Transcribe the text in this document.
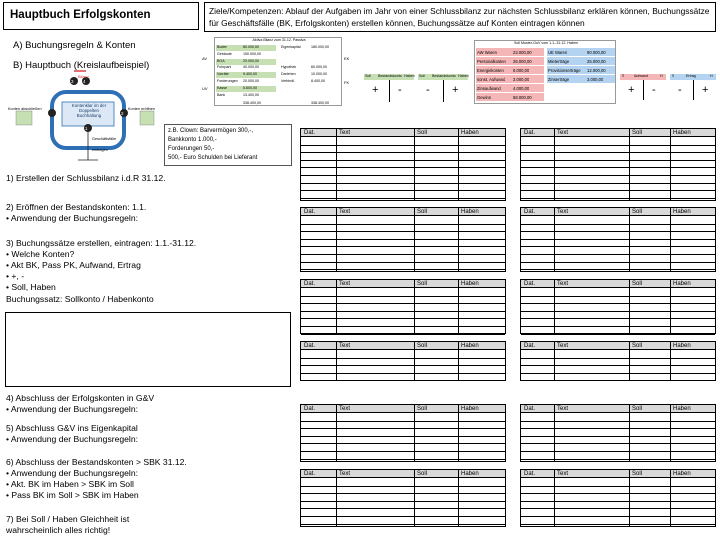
Hauptbuch Erfolgskonten	Ziele/Kompetenzen: Ablauf der Aufgaben im Jahr von einer Schlussbilanz zur nächsten Schlussbilanz erklären können, Buchungssätze für Geschäftsfälle (BK, Erfolgskonten) erstellen können, Buchungssätze auf Konten eintragen können
A) Buchungsregeln & Konten
B) Hauptbuch (Kreislaufbeispiel)
Kontenklar im der Doppelten Buchhaltung
Bilanz
Konten abschließen	Konten eröffnen
Geschäftsfälle eintragen
1
2
3 4
z.B. Clown: Barvermögen 300,-,
Bankkonto 1.000,-
Forderungen 50,-
500,- Euro Schulden bei Lieferant
1) Erstellen der Schlussbilanz i.d.R 31.12.
2) Eröffnen der Bestandskonten: 1.1.
• Anwendung der Buchungsregeln:
3) Buchungssätze erstellen, eintragen: 1.1.-31.12.
• Welche Konten?
• Akt BK, Pass PK, Aufwand, Ertrag
• +, -
• Soll, Haben
Buchungssatz: Sollkonto / Habenkonto
4) Abschluss der Erfolgskonten in G&V
• Anwendung der Buchungsregeln:
5) Abschluss G&V ins Eigenkapital
• Anwendung der Buchungsregeln:
6) Abschluss der Bestandskonten > SBK 31.12.
• Anwendung der Buchungsregeln:
• Akt. BK im Haben > SBK im Soll
• Pass BK im Soll > SBK im Haben
7) Bei Soll / Haben Gleichheit ist
wahrscheinlich alles richtig!
Aktiva Bilanz zum 31.12. Passiva
Boden	80.000,00	Eigenkapital	180.000,00
Gebäude	150.000,00
BGA	20.000,00
Fuhrpark	40.000,00	Hypothek	60.000,00
Vorräte	9.400,00	Darlehen	10.000,00
Forderungen 20.000,00	Verbindl.	8.400,00
Kasse	5.600,00
Bank	13.400,00
338.400,00	338.400,00
AV
UV
EK
FK
Soll Bestandskonto Haben Soll Bestandskonto Haben
+ - - +
Soll Muster-GuV vom 1.1.-31.12. Haben
AW Waren	23.000,00	UE Waren	90.000,00
Personalkosten 26.000,00	Mieterträge	25.000,00
Energiekosten 6.000,00	Provisionserträge 12.000,00
sonst. Aufwand 3.000,00	Zinserträge	3.000,00
Zinsaufwand	4.000,00
Gewinn	68.000,00
S	Aufwand	H	S	Ertrag	H
+ - - +
Dat.	Text	Soll	Haben	Dat.	Text	Soll	Haben
Dat.	Text	Soll	Haben	Dat.	Text	Soll	Haben
Dat.	Text	Soll	Haben	Dat.	Text	Soll	Haben
Dat.	Text	Soll	Haben	Dat.	Text	Soll	Haben
Dat.	Text	Soll	Haben	Dat.	Text	Soll	Haben
Dat.	Text	Soll	Haben	Dat.	Text	Soll	Haben
